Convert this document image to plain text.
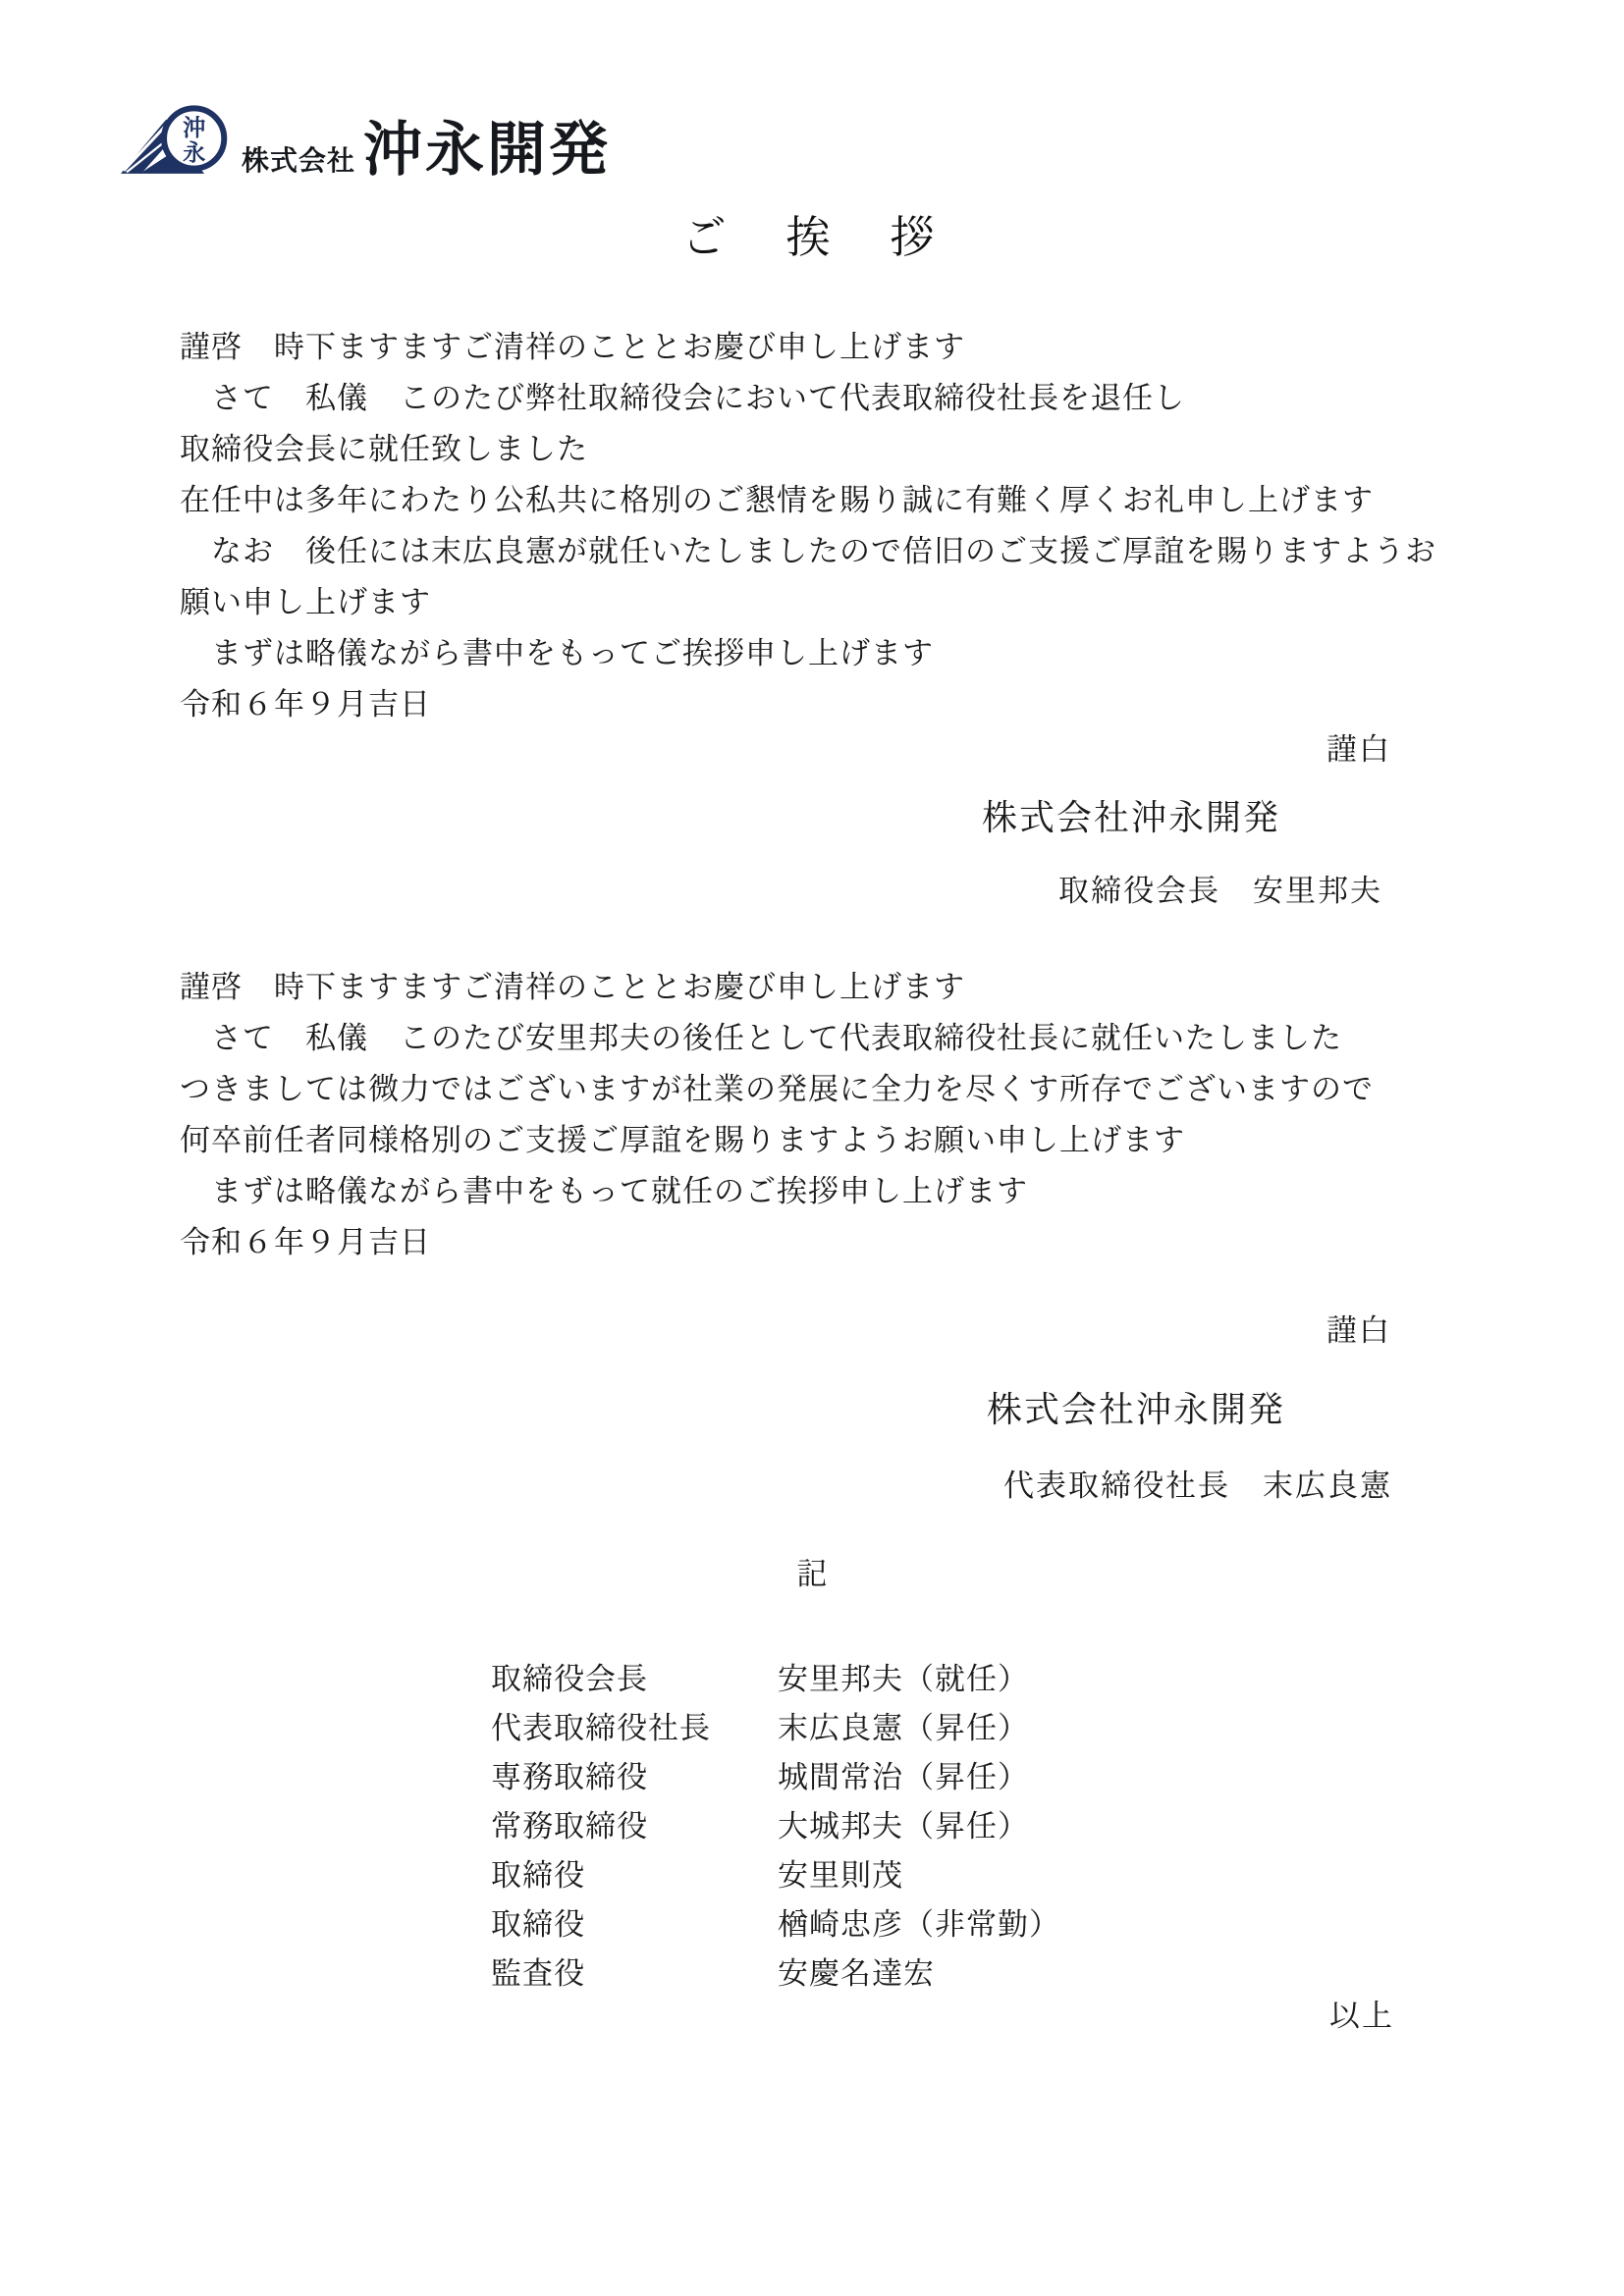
沖
永 株式会社 沖永開発
ご　挨　拶
謹啓　時下ますますご清祥のこととお慶び申し上げます
　さて　私儀　このたび弊社取締役会において代表取締役社長を退任し
取締役会長に就任致しました
在任中は多年にわたり公私共に格別のご懇情を賜り誠に有難く厚くお礼申し上げます
　なお　後任には末広良憲が就任いたしましたので倍旧のご支援ご厚誼を賜りますようお
願い申し上げます
　まずは略儀ながら書中をもってご挨拶申し上げます
令和６年９月吉日
謹白
株式会社沖永開発
取締役会長　安里邦夫
謹啓　時下ますますご清祥のこととお慶び申し上げます
　さて　私儀　このたび安里邦夫の後任として代表取締役社長に就任いたしました
つきましては微力ではございますが社業の発展に全力を尽くす所存でございますので
何卒前任者同様格別のご支援ご厚誼を賜りますようお願い申し上げます
　まずは略儀ながら書中をもって就任のご挨拶申し上げます
令和６年９月吉日
謹白
株式会社沖永開発
代表取締役社長　末広良憲
記
取締役会長	安里邦夫（就任）
代表取締役社長	末広良憲（昇任）
専務取締役	城間常治（昇任）
常務取締役	大城邦夫（昇任）
取締役	安里則茂
取締役	楢崎忠彦（非常勤）
監査役	安慶名達宏
以上
